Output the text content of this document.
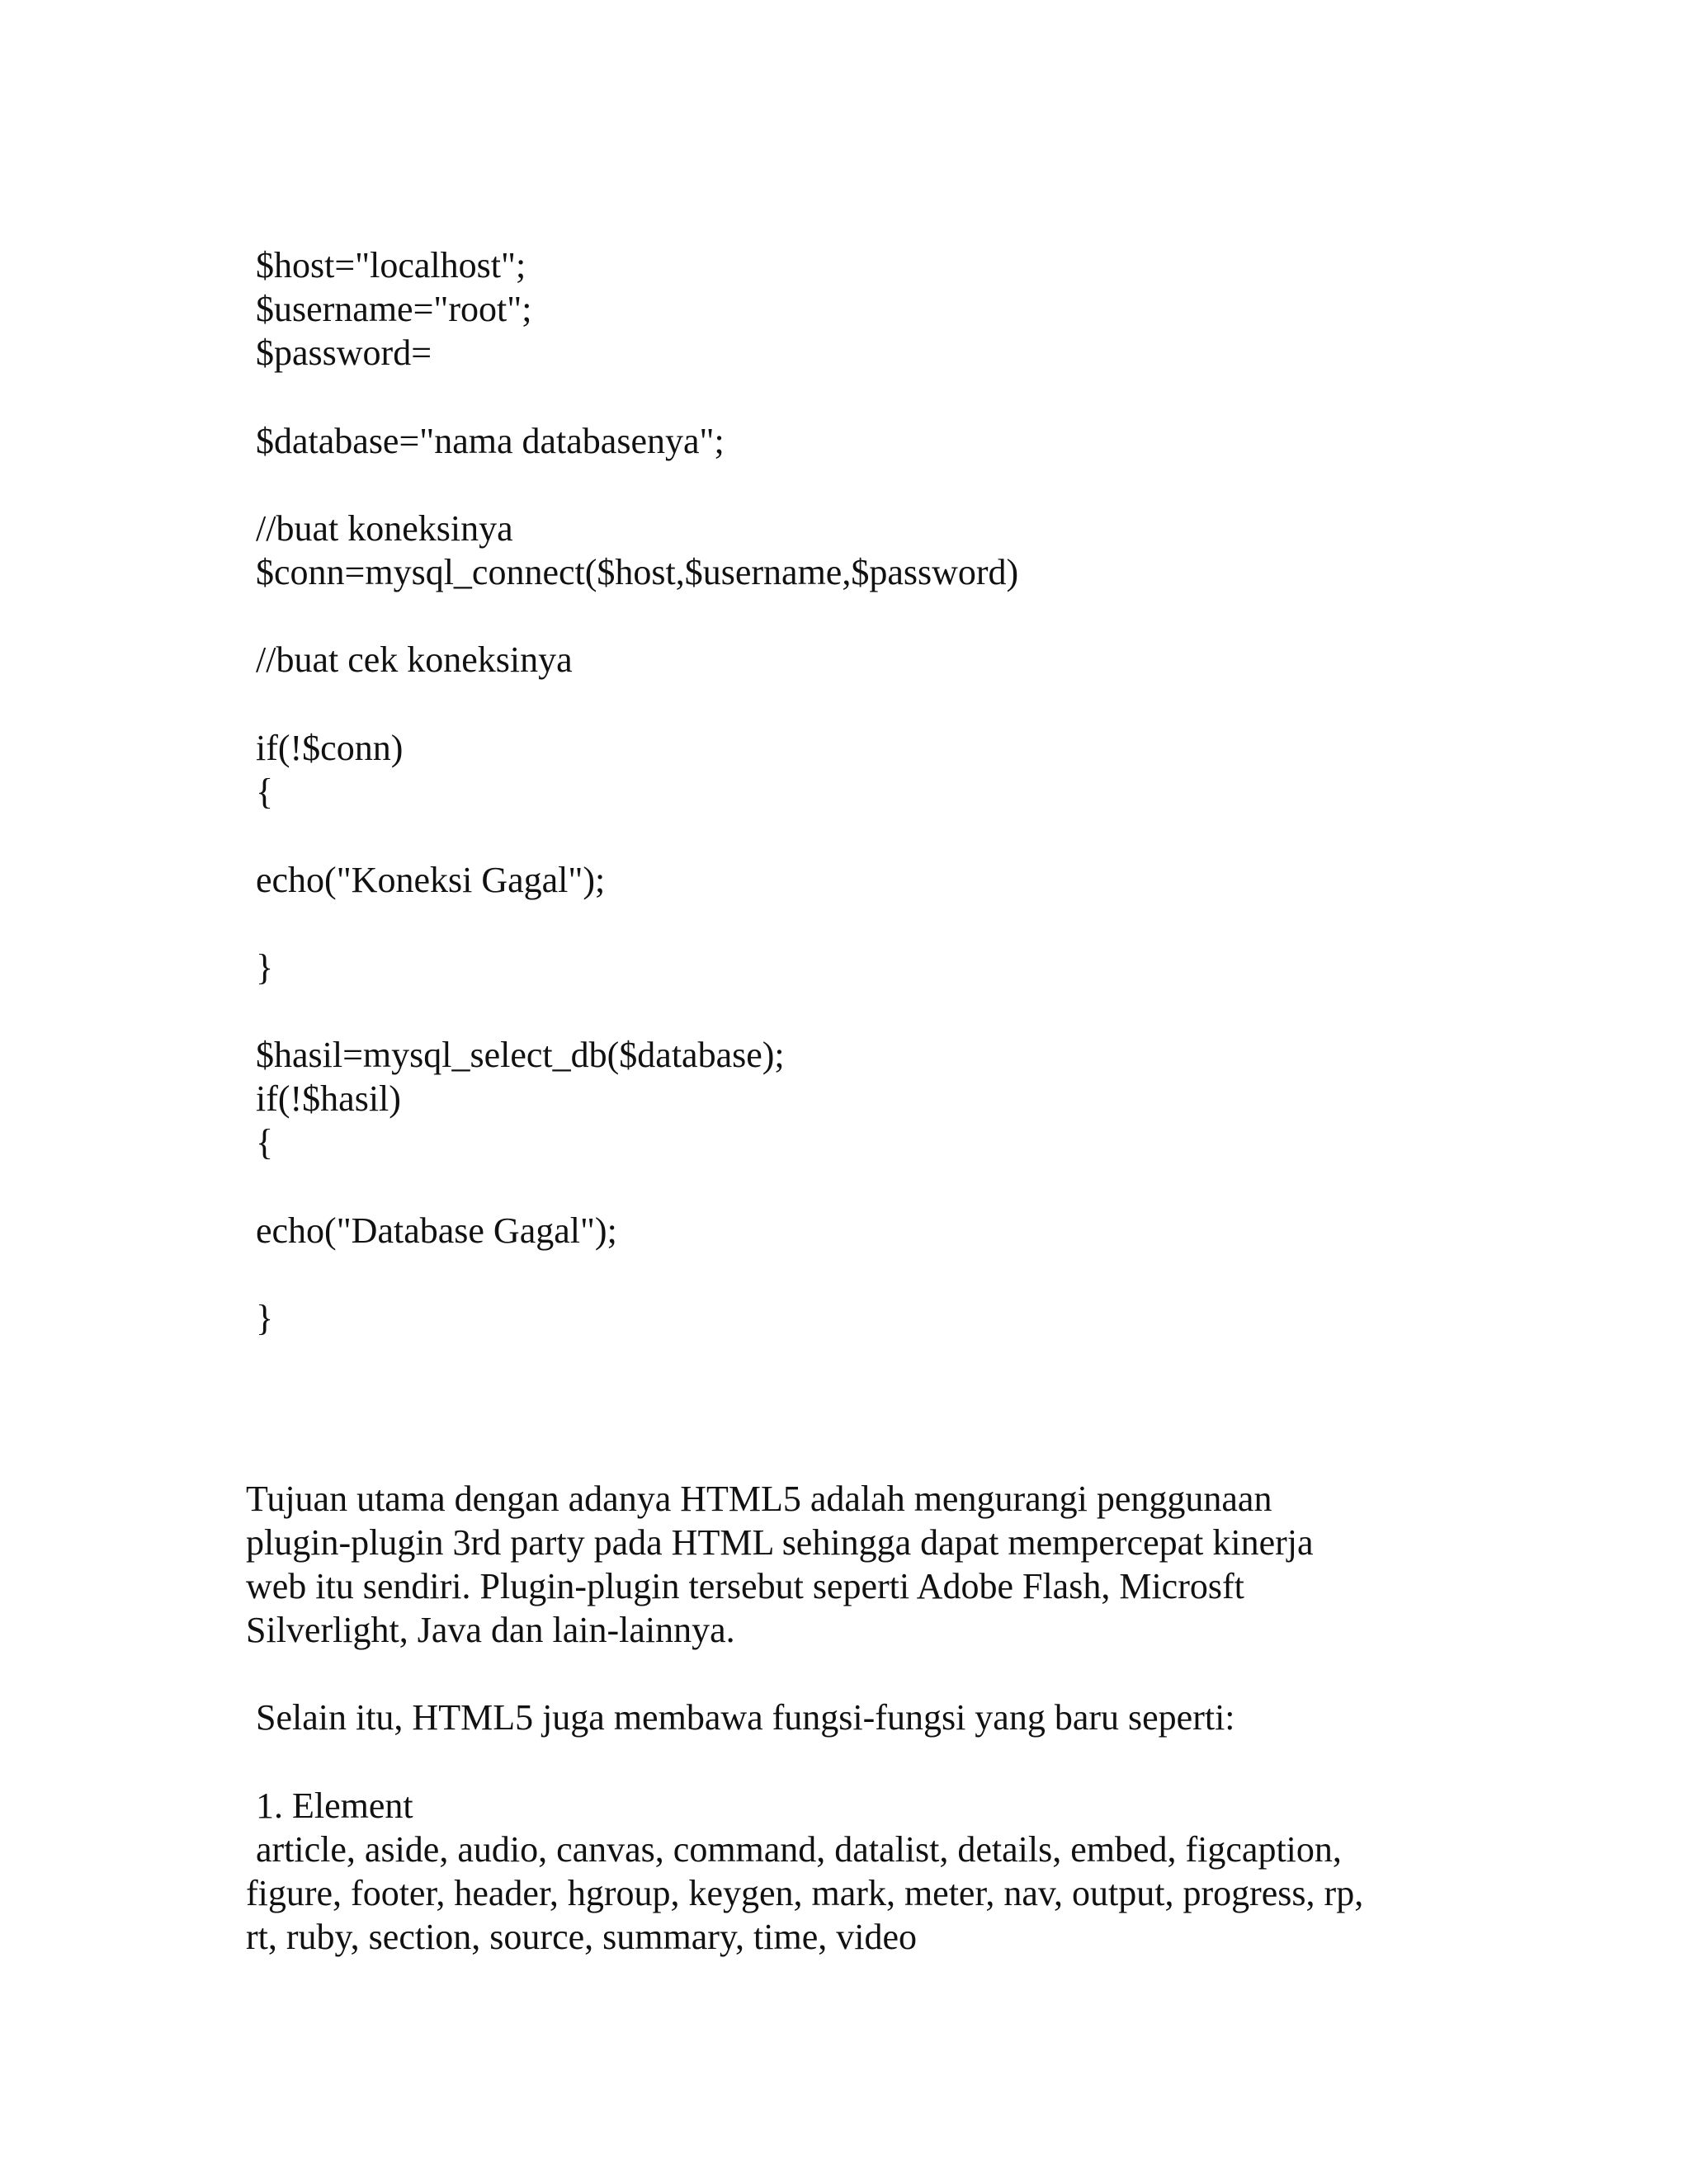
$host="localhost";
$username="root";
$password=
$database="nama databasenya";
//buat koneksinya
$conn=mysql_connect($host,$username,$password)
//buat cek koneksinya
if(!$conn)
{
echo("Koneksi Gagal");
}
$hasil=mysql_select_db($database);
if(!$hasil)
{
echo("Database Gagal");
}
Tujuan utama dengan adanya HTML5 adalah mengurangi penggunaan
plugin-plugin 3rd party pada HTML sehingga dapat mempercepat kinerja
web itu sendiri. Plugin-plugin tersebut seperti Adobe Flash, Microsft
Silverlight, Java dan lain-lainnya.
Selain itu, HTML5 juga membawa fungsi-fungsi yang baru seperti:
1. Element
article, aside, audio, canvas, command, datalist, details, embed, figcaption,
figure, footer, header, hgroup, keygen, mark, meter, nav, output, progress, rp,
rt, ruby, section, source, summary, time, video
